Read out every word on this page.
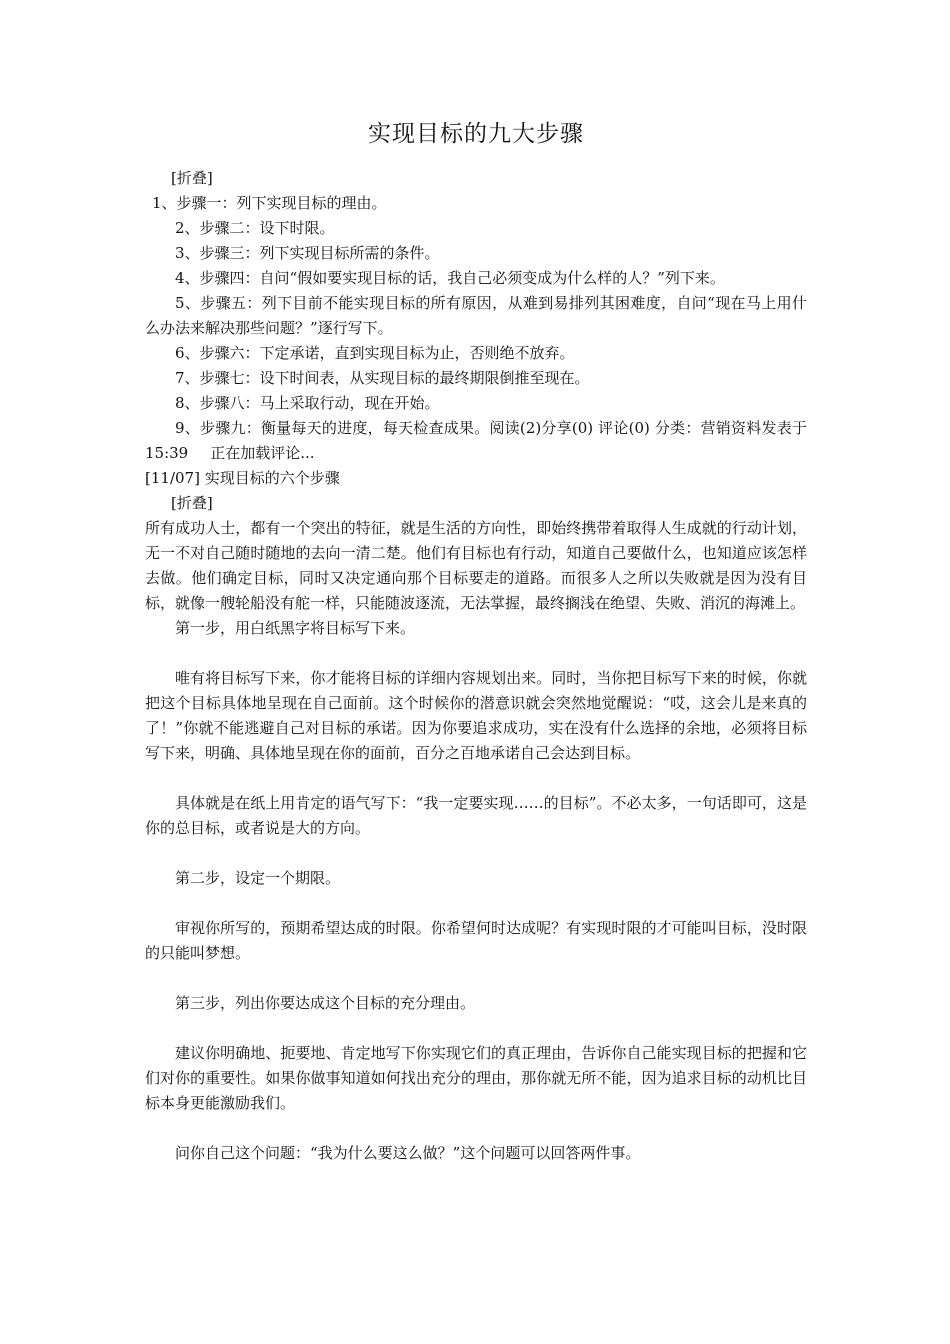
实现目标的九大步骤

[折叠]

1、步骤一：列下实现目标的理由。

2、步骤二：设下时限。

3、步骤三：列下实现目标所需的条件。

4、步骤四：自问“假如要实现目标的话，我自己必须变成为什么样的人？”列下来。

5、步骤五：列下目前不能实现目标的所有原因，从难到易排列其困难度，自问“现在马上用什么办法来解决那些问题？”逐行写下。

6、步骤六：下定承诺，直到实现目标为止，否则绝不放弃。

7、步骤七：设下时间表，从实现目标的最终期限倒推至现在。

8、步骤八：马上采取行动，现在开始。

9、步骤九：衡量每天的进度，每天检查成果。阅读(2)分享(0) 评论(0) 分类：营销资料发表于 15:39 正在加载评论...

[11/07] 实现目标的六个步骤

[折叠]

所有成功人士，都有一个突出的特征，就是生活的方向性，即始终携带着取得人生成就的行动计划，无一不对自己随时随地的去向一清二楚。他们有目标也有行动，知道自己要做什么，也知道应该怎样去做。他们确定目标，同时又决定通向那个目标要走的道路。而很多人之所以失败就是因为没有目标，就像一艘轮船没有舵一样，只能随波逐流，无法掌握，最终搁浅在绝望、失败、消沉的海滩上。

第一步，用白纸黑字将目标写下来。

唯有将目标写下来，你才能将目标的详细内容规划出来。同时，当你把目标写下来的时候，你就把这个目标具体地呈现在自己面前。这个时候你的潜意识就会突然地觉醒说：“哎，这会儿是来真的了！”你就不能逃避自己对目标的承诺。因为你要追求成功，实在没有什么选择的余地，必须将目标写下来，明确、具体地呈现在你的面前，百分之百地承诺自己会达到目标。

具体就是在纸上用肯定的语气写下：“我一定要实现……的目标”。不必太多，一句话即可，这是你的总目标，或者说是大的方向。

第二步，设定一个期限。

审视你所写的，预期希望达成的时限。你希望何时达成呢？有实现时限的才可能叫目标，没时限的只能叫梦想。

第三步，列出你要达成这个目标的充分理由。

建议你明确地、扼要地、肯定地写下你实现它们的真正理由，告诉你自己能实现目标的把握和它们对你的重要性。如果你做事知道如何找出充分的理由，那你就无所不能，因为追求目标的动机比目标本身更能激励我们。

问你自己这个问题：“我为什么要这么做？”这个问题可以回答两件事。
